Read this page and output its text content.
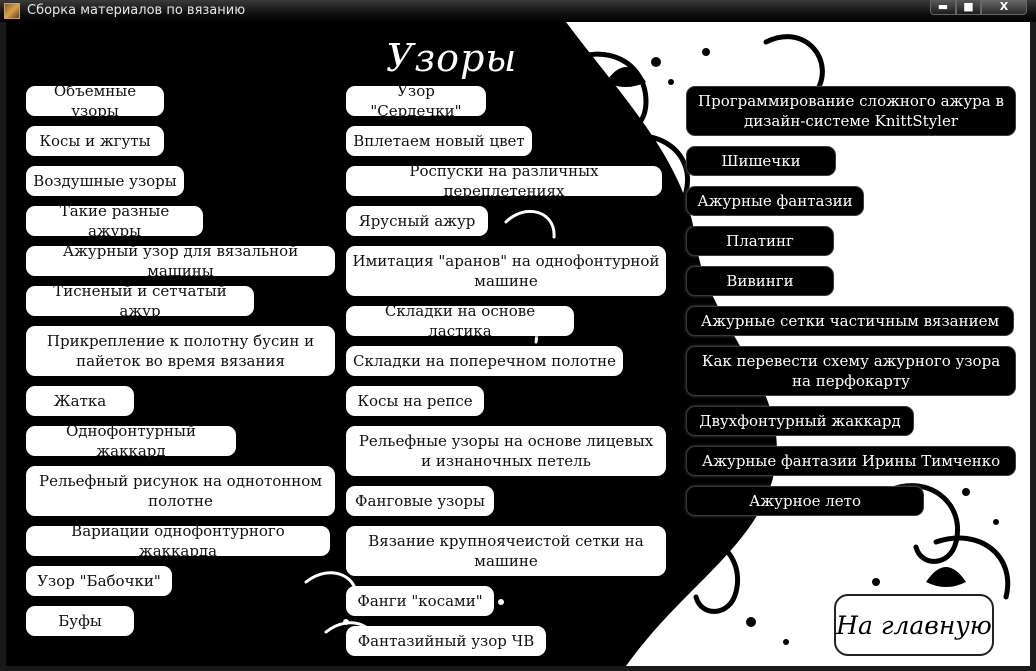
Сборка материалов по вязанию	▬	■	X
Узоры
Объемные узоры
Косы и жгуты
Воздушные узоры
Такие разные ажуры
Ажурный узор для вязальной машины
Тисненый и сетчатый ажур
Прикрепление к полотну бусин и пайеток во время вязания
Жатка
Однофонтурный жаккард
Рельефный рисунок на однотонном полотне
Вариации однофонтурного жаккарда
Узор "Бабочки"
Буфы
Узор "Сердечки"
Вплетаем новый цвет
Роспуски на различных переплетениях
Ярусный ажур
Имитация "аранов" на однофонтурной машине
Складки на основе ластика
Складки на поперечном полотне
Косы на репсе
Рельефные узоры на основе лицевых и изнаночных петель
Фанговые узоры
Вязание крупноячеистой сетки на машине
Фанги "косами"
Фантазийный узор ЧВ
Программирование сложного ажура в дизайн-системе KnittStyler
Шишечки
Ажурные фантазии
Платинг
Вивинги
Ажурные сетки частичным вязанием
Как перевести схему ажурного узора на перфокарту
Двухфонтурный жаккард
Ажурные фантазии Ирины Тимченко
Ажурное лето
На главную
